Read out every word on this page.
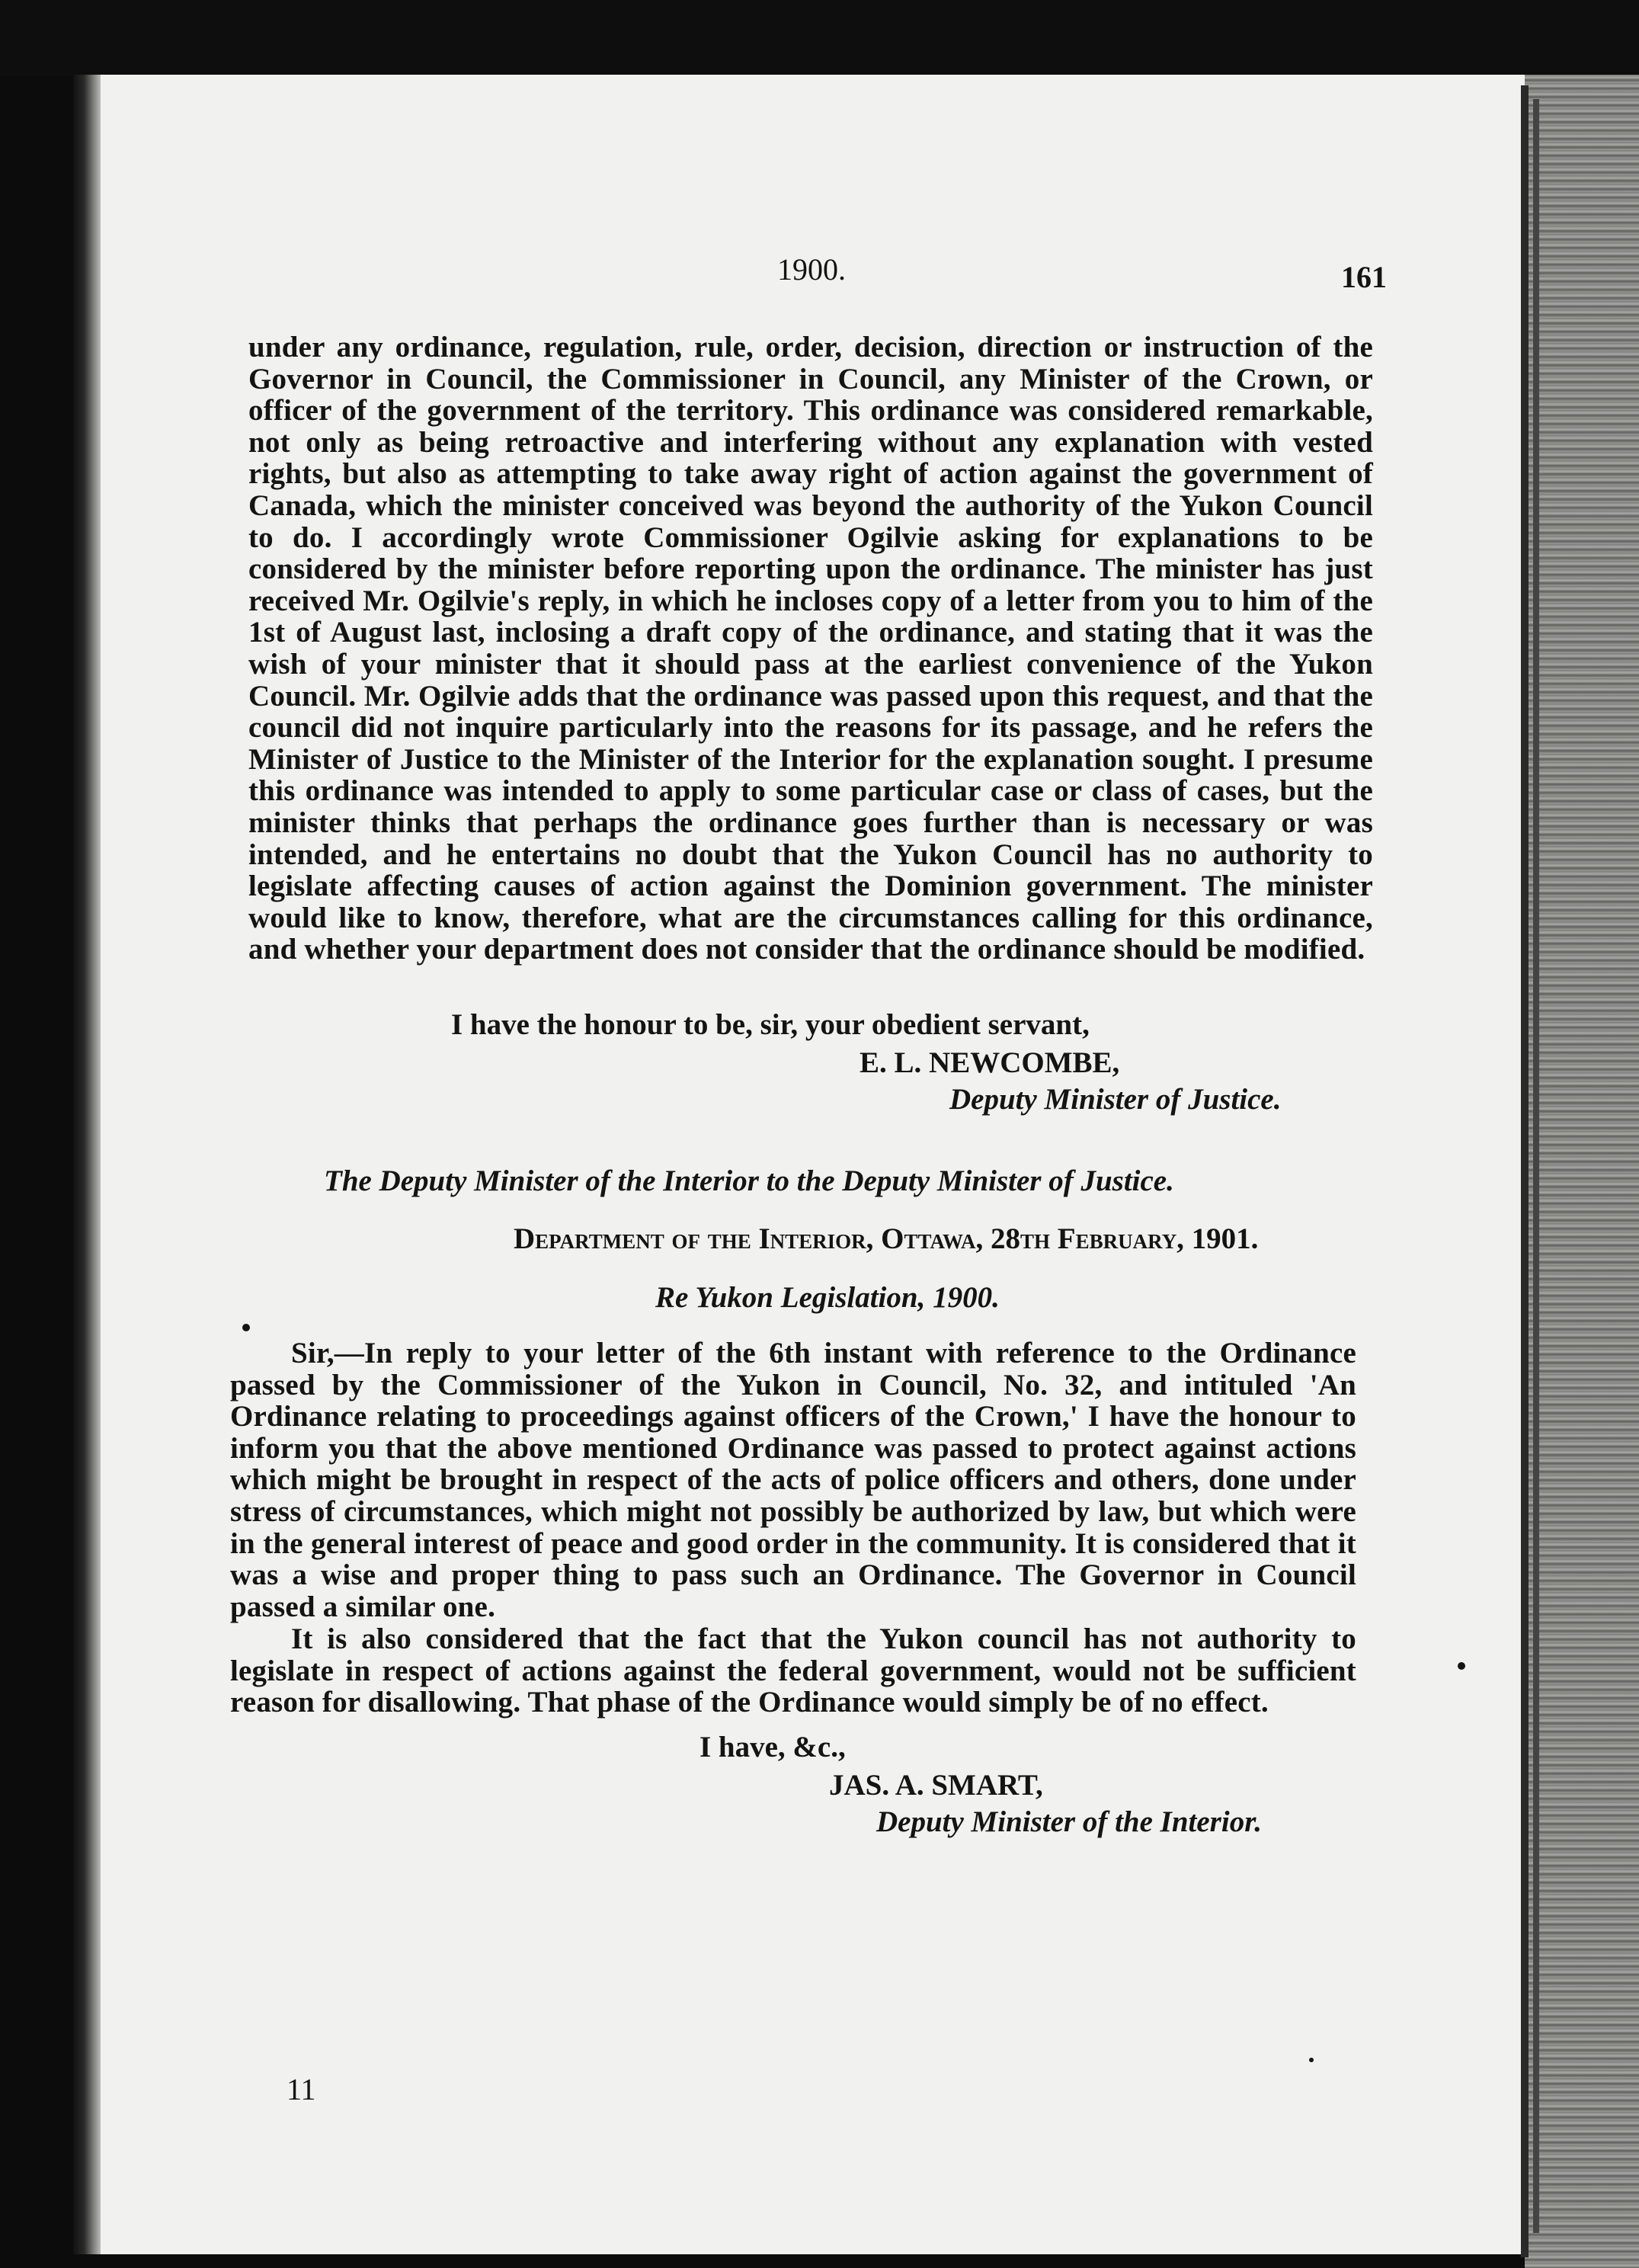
1900.	161
under any ordinance, regulation, rule, order, decision, direction or instruction of the Governor in Council, the Commissioner in Council, any Minister of the Crown, or officer of the government of the territory. This ordinance was considered remarkable, not only as being retroactive and interfering without any explanation with vested rights, but also as attempting to take away right of action against the government of Canada, which the minister conceived was beyond the authority of the Yukon Council to do. I accordingly wrote Commissioner Ogilvie asking for explanations to be considered by the minister before reporting upon the ordinance. The minister has just received Mr. Ogilvie's reply, in which he incloses copy of a letter from you to him of the 1st of August last, inclosing a draft copy of the ordinance, and stating that it was the wish of your minister that it should pass at the earliest convenience of the Yukon Council. Mr. Ogilvie adds that the ordinance was passed upon this request, and that the council did not inquire particularly into the reasons for its passage, and he refers the Minister of Justice to the Minister of the Interior for the explanation sought. I presume this ordinance was intended to apply to some particular case or class of cases, but the minister thinks that perhaps the ordinance goes further than is necessary or was intended, and he entertains no doubt that the Yukon Council has no authority to legislate affecting causes of action against the Dominion government. The minister would like to know, therefore, what are the circumstances calling for this ordinance, and whether your department does not consider that the ordinance should be modified.
I have the honour to be, sir, your obedient servant,
E. L. NEWCOMBE,
Deputy Minister of Justice.
The Deputy Minister of the Interior to the Deputy Minister of Justice.
Department of the Interior, Ottawa, 28th February, 1901.
Re Yukon Legislation, 1900.
Sir,—In reply to your letter of the 6th instant with reference to the Ordinance passed by the Commissioner of the Yukon in Council, No. 32, and intituled 'An Ordinance relating to proceedings against officers of the Crown,' I have the honour to inform you that the above mentioned Ordinance was passed to protect against actions which might be brought in respect of the acts of police officers and others, done under stress of circumstances, which might not possibly be authorized by law, but which were in the general interest of peace and good order in the community. It is considered that it was a wise and proper thing to pass such an Ordinance. The Governor in Council passed a similar one.
It is also considered that the fact that the Yukon council has not authority to legislate in respect of actions against the federal government, would not be sufficient reason for disallowing. That phase of the Ordinance would simply be of no effect.
I have, &c.,
JAS. A. SMART,
Deputy Minister of the Interior.
11
